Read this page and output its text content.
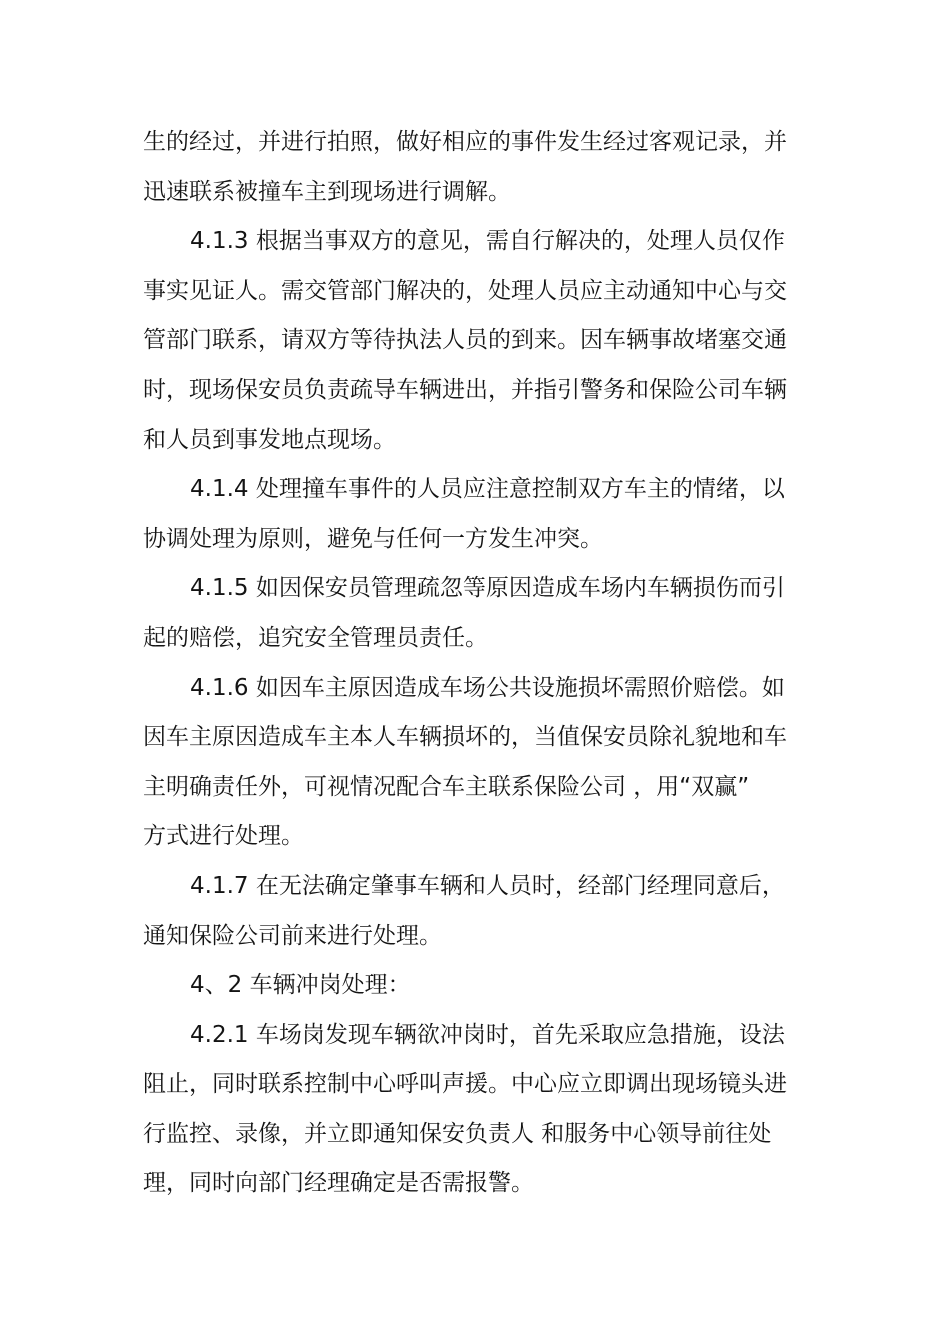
生的经过，并进行拍照，做好相应的事件发生经过客观记录，并
迅速联系被撞车主到现场进行调解。
4.1.3 根据当事双方的意见，需自行解决的，处理人员仅作
事实见证人。需交管部门解决的，处理人员应主动通知中心与交
管部门联系，请双方等待执法人员的到来。因车辆事故堵塞交通
时，现场保安员负责疏导车辆进出，并指引警务和保险公司车辆
和人员到事发地点现场。
4.1.4 处理撞车事件的人员应注意控制双方车主的情绪，以
协调处理为原则，避免与任何一方发生冲突。
4.1.5 如因保安员管理疏忽等原因造成车场内车辆损伤而引
起的赔偿，追究安全管理员责任。
4.1.6 如因车主原因造成车场公共设施损坏需照价赔偿。如
因车主原因造成车主本人车辆损坏的，当值保安员除礼貌地和车
主明确责任外，可视情况配合车主联系保险公司 ，用“双赢”
方式进行处理。
4.1.7 在无法确定肇事车辆和人员时，经部门经理同意后，
通知保险公司前来进行处理。
4、2 车辆冲岗处理：
4.2.1 车场岗发现车辆欲冲岗时，首先采取应急措施，设法
阻止，同时联系控制中心呼叫声援。中心应立即调出现场镜头进
行监控、录像，并立即通知保安负责人 和服务中心领导前往处
理，同时向部门经理确定是否需报警。
